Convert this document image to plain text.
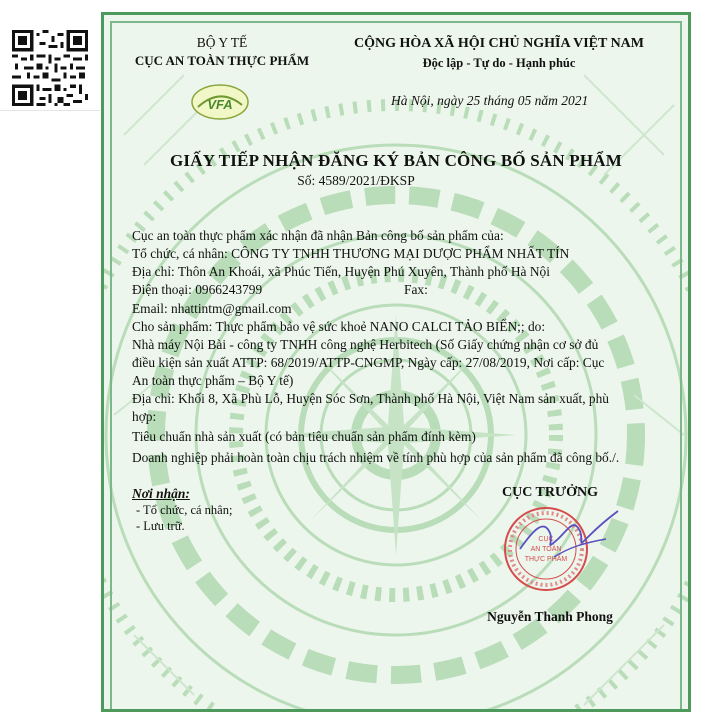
BỘ Y TẾ
CỤC AN TOÀN THỰC PHẨM
VFA
CỘNG HÒA XÃ HỘI CHỦ NGHĨA VIỆT NAM
Độc lập - Tự do - Hạnh phúc
Hà Nội, ngày 25 tháng 05 năm 2021
GIẤY TIẾP NHẬN ĐĂNG KÝ BẢN CÔNG BỐ SẢN PHẨM
Số: 4589/2021/ĐKSP
Cục an toàn thực phẩm xác nhận đã nhận Bản công bố sản phẩm của:
Tổ chức, cá nhân: CÔNG TY TNHH THƯƠNG MẠI DƯỢC PHẨM NHẤT TÍN
Địa chỉ: Thôn An Khoái, xã Phúc Tiến, Huyện Phú Xuyên, Thành phố Hà Nội
Điện thoại: 0966243799	Fax:
Email: nhattintm@gmail.com
Cho sản phẩm: Thực phẩm bảo vệ sức khoẻ NANO CALCI TẢO BIỂN;; do:
Nhà máy Nội Bài - công ty TNHH công nghệ Herbitech (Số Giấy chứng nhận cơ sở đủ
điều kiện sản xuất ATTP: 68/2019/ATTP-CNGMP, Ngày cấp: 27/08/2019, Nơi cấp: Cục
An toàn thực phẩm – Bộ Y tế)
Địa chỉ: Khối 8, Xã Phù Lỗ, Huyện Sóc Sơn, Thành phố Hà Nội, Việt Nam sản xuất, phù
hợp:
Tiêu chuẩn nhà sản xuất (có bản tiêu chuẩn sản phẩm đính kèm)
Doanh nghiệp phải hoàn toàn chịu trách nhiệm về tính phù hợp của sản phẩm đã công bố./.
Nơi nhận:
- Tổ chức, cá nhân;
- Lưu trữ.
CỤC TRƯỞNG
CỤC
AN TOÀN
THỰC PHẨM
Nguyễn Thanh Phong
